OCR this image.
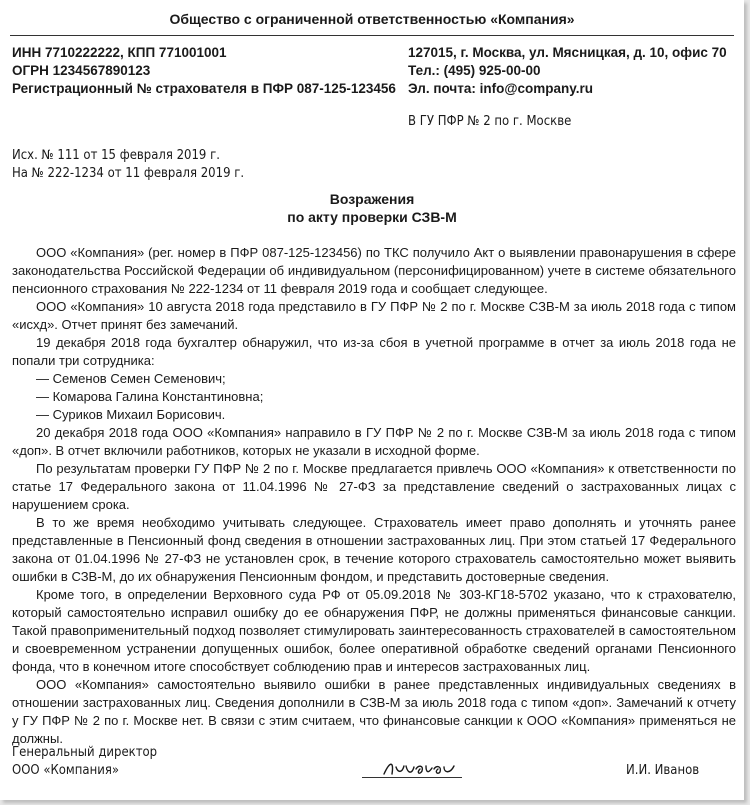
Общество с ограниченной ответственностью «Компания»
ИНН 7710222222, КПП 771001001
ОГРН 1234567890123
Регистрационный № страхователя в ПФР 087-125-123456
127015, г. Москва, ул. Мясницкая, д. 10, офис 70
Тел.: (495) 925-00-00
Эл. почта: info@company.ru
В ГУ ПФР № 2 по г. Москве
Исх. № 111 от 15 февраля 2019 г.
На № 222-1234 от 11 февраля 2019 г.
Возражения
по акту проверки СЗВ-М

ООО «Компания» (рег. номер в ПФР 087-125-123456) по ТКС получило Акт о выявлении правонарушения в сфере законодательства Российской Федерации об индивидуальном (персонифицированном) учете в системе обязательного пенсионного страхования № 222-1234 от 11 февраля 2019 года и сообщает следующее.

ООО «Компания» 10 августа 2018 года представило в ГУ ПФР № 2 по г. Москве СЗВ-М за июль 2018 года с типом «исхд». Отчет принят без замечаний.

19 декабря 2018 года бухгалтер обнаружил, что из-за сбоя в учетной программе в отчет за июль 2018 года не попали три сотрудника:

— Семенов Семен Семенович;

— Комарова Галина Константиновна;

— Суриков Михаил Борисович.

20 декабря 2018 года ООО «Компания» направило в ГУ ПФР № 2 по г. Москве СЗВ-М за июль 2018 года с типом «доп». В отчет включили работников, которых не указали в исходной форме.

По результатам проверки ГУ ПФР № 2 по г. Москве предлагается привлечь ООО «Компания» к ответственности по статье 17 Федерального закона от 11.04.1996 № 27-ФЗ за представление сведений о застрахованных лицах с нарушением срока.

В то же время необходимо учитывать следующее. Страхователь имеет право дополнять и уточнять ранее представленные в Пенсионный фонд сведения в отношении застрахованных лиц. При этом статьей 17 Федерального закона от 01.04.1996 № 27-ФЗ не установлен срок, в течение которого страхователь самостоятельно может выявить ошибки в СЗВ-М, до их обнаружения Пенсионным фондом, и представить достоверные сведения.

Кроме того, в определении Верховного суда РФ от 05.09.2018 № 303-КГ18-5702 указано, что к страхователю, который самостоятельно исправил ошибку до ее обнаружения ПФР, не должны применяться финансовые санкции. Такой правоприменительный подход позволяет стимулировать заинтересованность страхователей в самостоятельном и своевременном устранении допущенных ошибок, более оперативной обработке сведений органами Пенсионного фонда, что в конечном итоге способствует соблюдению прав и интересов застрахованных лиц.

ООО «Компания» самостоятельно выявило ошибки в ранее представленных индивидуальных сведениях в отношении застрахованных лиц. Сведения дополнили в СЗВ-М за июль 2018 года с типом «доп». Замечаний к отчету у ГУ ПФР № 2 по г. Москве нет. В связи с этим считаем, что финансовые санкции к ООО «Компания» применяться не должны.

Генеральный директор
ООО «Компания»	И.И. Иванов
